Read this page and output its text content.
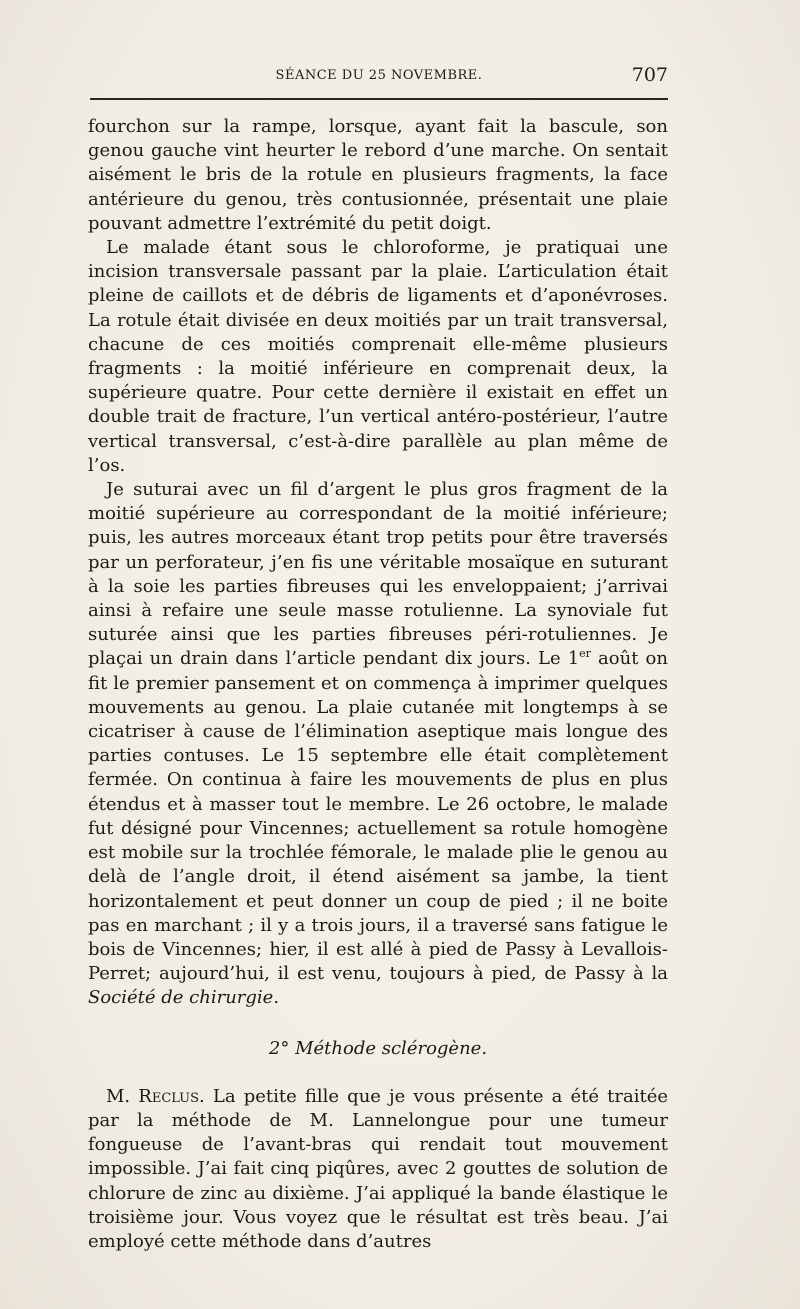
SÉANCE DU 25 NOVEMBRE.	707

fourchon sur la rampe, lorsque, ayant fait la bascule, son genou gauche vint heurter le rebord d’une marche. On sentait aisément le bris de la rotule en plusieurs fragments, la face antérieure du genou, très contusionnée, présentait une plaie pouvant admettre l’extrémité du petit doigt.

Le malade étant sous le chloroforme, je pratiquai une incision transversale passant par la plaie. L’articulation était pleine de caillots et de débris de ligaments et d’aponévroses. La rotule était divisée en deux moitiés par un trait transversal, chacune de ces moitiés comprenait elle-même plusieurs fragments : la moitié inférieure en comprenait deux, la supérieure quatre. Pour cette dernière il existait en effet un double trait de fracture, l’un vertical antéro-postérieur, l’autre vertical transversal, c’est-à-dire parallèle au plan même de l’os.

Je suturai avec un fil d’argent le plus gros fragment de la moitié supérieure au correspondant de la moitié inférieure; puis, les autres morceaux étant trop petits pour être traversés par un perforateur, j’en fis une véritable mosaïque en suturant à la soie les parties fibreuses qui les enveloppaient; j’arrivai ainsi à refaire une seule masse rotulienne. La synoviale fut suturée ainsi que les parties fibreuses péri-rotuliennes. Je plaçai un drain dans l’article pendant dix jours. Le 1er août on fit le premier pansement et on commença à imprimer quelques mouvements au genou. La plaie cutanée mit longtemps à se cicatriser à cause de l’élimination aseptique mais longue des parties contuses. Le 15 septembre elle était complètement fermée. On continua à faire les mouvements de plus en plus étendus et à masser tout le membre. Le 26 octobre, le malade fut désigné pour Vincennes; actuellement sa rotule homogène est mobile sur la trochlée fémorale, le malade plie le genou au delà de l’angle droit, il étend aisément sa jambe, la tient horizontalement et peut donner un coup de pied ; il ne boite pas en marchant ; il y a trois jours, il a traversé sans fatigue le bois de Vincennes; hier, il est allé à pied de Passy à Levallois-Perret; aujourd’hui, il est venu, toujours à pied, de Passy à la Société de chirurgie.

2° Méthode sclérogène.

M. Reclus. La petite fille que je vous présente a été traitée par la méthode de M. Lannelongue pour une tumeur fongueuse de l’avant-bras qui rendait tout mouvement impossible. J’ai fait cinq piqûres, avec 2 gouttes de solution de chlorure de zinc au dixième. J’ai appliqué la bande élastique le troisième jour. Vous voyez que le résultat est très beau. J’ai employé cette méthode dans d’autres
